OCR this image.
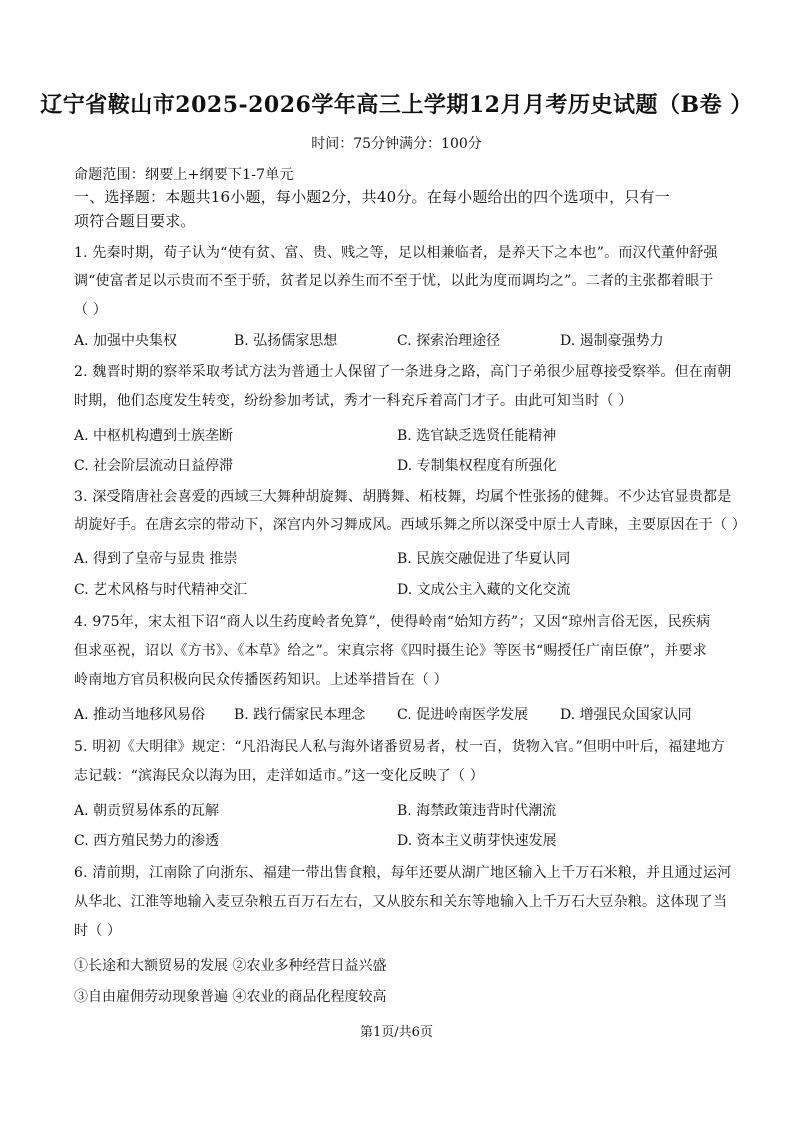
辽宁省鞍山市2025-2026学年高三上学期12月月考历史试题（B卷 ）
时间：75分钟满分：100分
命题范围：纲要上+纲要下1-7单元
一、选择题：本题共16小题，每小题2分，共40分。在每小题给出的四个选项中，只有一
项符合题目要求。
1. 先秦时期，荀子认为“使有贫、富、贵、贱之等，足以相兼临者，是养天下之本也”。而汉代董仲舒强
调“使富者足以示贵而不至于骄，贫者足以养生而不至于忧，以此为度而调均之”。二者的主张都着眼于
（ ）
A. 加强中央集权	B. 弘扬儒家思想	C. 探索治理途径	D. 遏制豪强势力
2. 魏晋时期的察举采取考试方法为普通士人保留了一条进身之路，高门子弟很少屈尊接受察举。但在南朝
时期，他们态度发生转变，纷纷参加考试，秀才一科充斥着高门才子。由此可知当时（ ）
A. 中枢机构遭到士族垄断	B. 选官缺乏选贤任能精神
C. 社会阶层流动日益停滞	D. 专制集权程度有所强化
3. 深受隋唐社会喜爱的西域三大舞种胡旋舞、胡腾舞、柘枝舞，均属个性张扬的健舞。不少达官显贵都是
胡旋好手。在唐玄宗的带动下，深宫内外习舞成风。西域乐舞之所以深受中原士人青睐，主要原因在于（ ）
A. 得到了皇帝与显贵 推崇	B. 民族交融促进了华夏认同
C. 艺术风格与时代精神交汇	D. 文成公主入藏的文化交流
4. 975年，宋太祖下诏“商人以生药度岭者免算”，使得岭南“始知方药”；又因“琼州言俗无医，民疾病
但求巫祝，诏以《方书》、《本草》给之”。宋真宗将《四时摄生论》等医书“赐授任广南臣僚”，并要求
岭南地方官员积极向民众传播医药知识。上述举措旨在（ ）
A. 推动当地移风易俗 B. 践行儒家民本理念 C. 促进岭南医学发展 D. 增强民众国家认同
5. 明初《大明律》规定：“凡沿海民人私与海外诸番贸易者，杖一百，货物入官。”但明中叶后，福建地方
志记载：“滨海民众以海为田，走洋如适市。”这一变化反映了（ ）
A. 朝贡贸易体系的瓦解	B. 海禁政策违背时代潮流
C. 西方殖民势力的渗透	D. 资本主义萌芽快速发展
6. 清前期，江南除了向浙东、福建一带出售食粮，每年还要从湖广地区输入上千万石米粮，并且通过运河
从华北、江淮等地输入麦豆杂粮五百万石左右，又从胶东和关东等地输入上千万石大豆杂粮。这体现了当
时（ ）
①长途和大额贸易的发展 ②农业多种经营日益兴盛
③自由雇佣劳动现象普遍 ④农业的商品化程度较高
第1页/共6页
